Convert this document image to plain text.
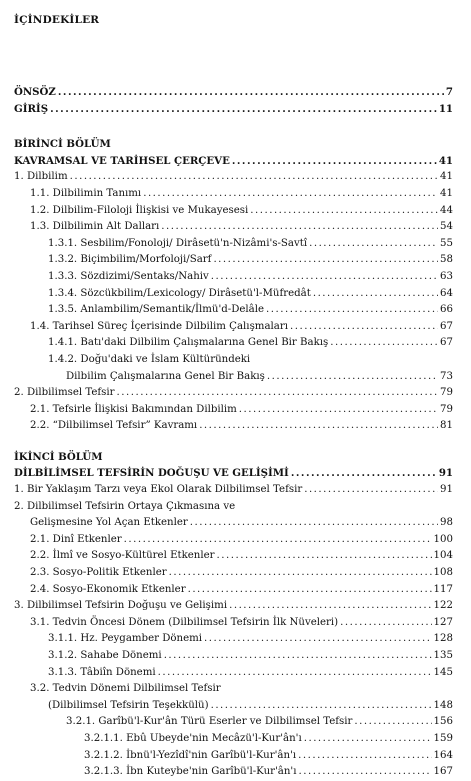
İÇİNDEKİLER
ÖNSÖZ .....	7
GİRİŞ .....	11
BİRİNCİ BÖLÜM
KAVRAMSAL VE TARİHSEL ÇERÇEVE .....	41
1. Dilbilim .....	41
1.1. Dilbilimin Tanımı .....	41
1.2. Dilbilim-Filoloji İlişkisi ve Mukayesesi .....	44
1.3. Dilbilimin Alt Dalları .....	54
1.3.1. Sesbilim/Fonoloji/ Dirâsetü'n-Nizâmi's-Savtî .....	55
1.3.2. Biçimbilim/Morfoloji/Sarf .....	58
1.3.3. Sözdizimi/Sentaks/Nahiv .....	63
1.3.4. Sözcükbilim/Lexicology/ Dirâsetü'l-Müfredât .....	64
1.3.5. Anlambilim/Semantik/İlmü'd-Delâle .....	66
1.4. Tarihsel Süreç İçerisinde Dilbilim Çalışmaları .....	67
1.4.1. Batı'daki Dilbilim Çalışmalarına Genel Bir Bakış .....	67
1.4.2. Doğu'daki ve İslam Kültüründeki
Dilbilim Çalışmalarına Genel Bir Bakış .....	73
2. Dilbilimsel Tefsir .....	79
2.1. Tefsirle İlişkisi Bakımından Dilbilim .....	79
2.2. “Dilbilimsel Tefsir” Kavramı .....	81
İKİNCİ BÖLÜM
DİLBİLİMSEL TEFSİRİN DOĞUŞU VE GELİŞİMİ .....	91
1. Bir Yaklaşım Tarzı veya Ekol Olarak Dilbilimsel Tefsir .....	91
2. Dilbilimsel Tefsirin Ortaya Çıkmasına ve
Gelişmesine Yol Açan Etkenler .....	98
2.1. Dinî Etkenler .....	100
2.2. İlmî ve Sosyo-Kültürel Etkenler .....	104
2.3. Sosyo-Politik Etkenler .....	108
2.4. Sosyo-Ekonomik Etkenler .....	117
3. Dilbilimsel Tefsirin Doğuşu ve Gelişimi .....	122
3.1. Tedvin Öncesi Dönem (Dilbilimsel Tefsirin İlk Nüveleri) .....	127
3.1.1. Hz. Peygamber Dönemi .....	128
3.1.2. Sahabe Dönemi .....	135
3.1.3. Tâbiîn Dönemi .....	145
3.2. Tedvin Dönemi Dilbilimsel Tefsir
(Dilbilimsel Tefsirin Teşekkülü) .....	148
3.2.1. Garîbü'l-Kur'ân Türü Eserler ve Dilbilimsel Tefsir .....	156
3.2.1.1. Ebû Ubeyde'nin Mecâzü'l-Kur'ân'ı .....	159
3.2.1.2. İbnü'l-Yezîdî'nin Garîbü'l-Kur'ân'ı .....	164
3.2.1.3. İbn Kuteybe'nin Garîbü'l-Kur'ân'ı .....	167
